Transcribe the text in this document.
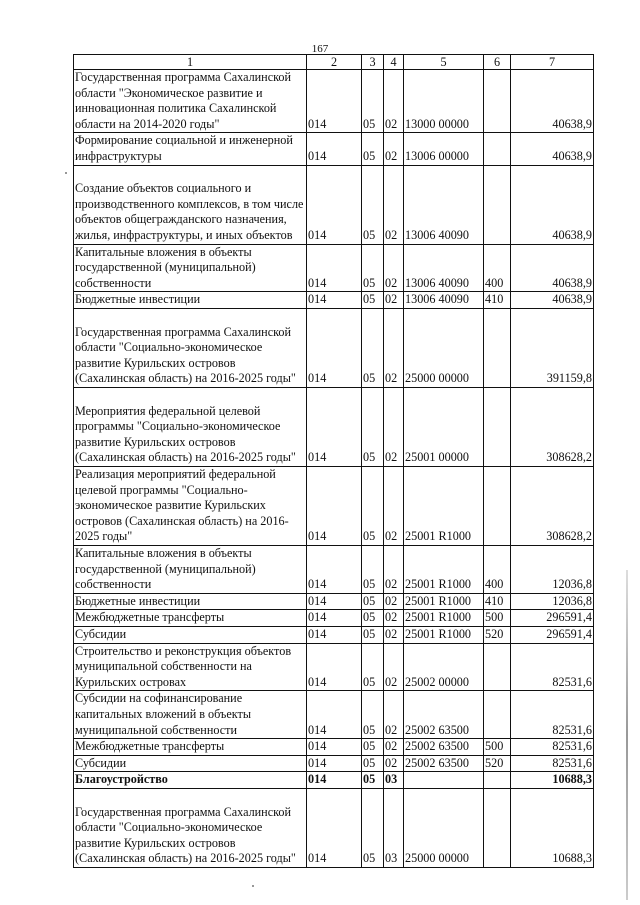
167
1	2	3	4	5	6	7
Государственная программа Сахалинской области "Экономическое развитие и инновационная политика Сахалинской области на 2014-2020 годы"	014	05	02	13000 00000		40638,9
Формирование социальной и инженерной инфраструктуры	014	05	02	13006 00000		40638,9
Создание объектов социального и производственного комплексов, в том числе объектов общегражданского назначения, жилья, инфраструктуры, и иных объектов	014	05	02	13006 40090		40638,9
Капитальные вложения в объекты государственной (муниципальной) собственности	014	05	02	13006 40090	400	40638,9
Бюджетные инвестиции	014	05	02	13006 40090	410	40638,9
Государственная программа Сахалинской области "Социально-экономическое развитие Курильских островов (Сахалинская область) на 2016-2025 годы"	014	05	02	25000 00000		391159,8
Мероприятия федеральной целевой программы "Социально-экономическое развитие Курильских островов (Сахалинская область) на 2016-2025 годы"	014	05	02	25001 00000		308628,2
Реализация мероприятий федеральной целевой программы "Социально-экономическое развитие Курильских островов (Сахалинская область) на 2016-2025 годы"	014	05	02	25001 R1000		308628,2
Капитальные вложения в объекты государственной (муниципальной) собственности	014	05	02	25001 R1000	400	12036,8
Бюджетные инвестиции	014	05	02	25001 R1000	410	12036,8
Межбюджетные трансферты	014	05	02	25001 R1000	500	296591,4
Субсидии	014	05	02	25001 R1000	520	296591,4
Строительство и реконструкция объектов муниципальной собственности на Курильских островах	014	05	02	25002 00000		82531,6
Субсидии на софинансирование капитальных вложений в объекты муниципальной собственности	014	05	02	25002 63500		82531,6
Межбюджетные трансферты	014	05	02	25002 63500	500	82531,6
Субсидии	014	05	02	25002 63500	520	82531,6
Благоустройство	014	05	03			10688,3
Государственная программа Сахалинской области "Социально-экономическое развитие Курильских островов (Сахалинская область) на 2016-2025 годы"	014	05	03	25000 00000		10688,3
